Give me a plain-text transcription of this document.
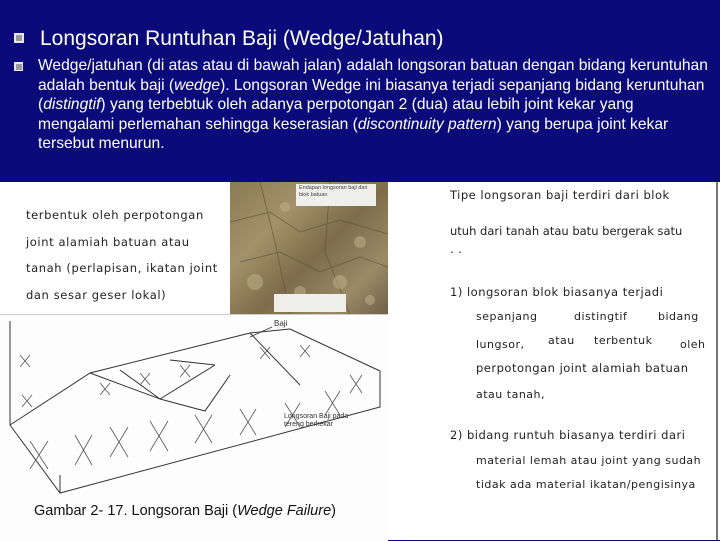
Longsoran Runtuhan Baji (Wedge/Jatuhan)
Wedge/jatuhan (di atas atau di bawah jalan) adalah longsoran batuan dengan bidang keruntuhan adalah bentuk baji (wedge). Longsoran Wedge ini biasanya terjadi sepanjang bidang keruntuhan (distingtif) yang terbebtuk oleh adanya perpotongan 2 (dua) atau lebih joint kekar yang mengalami perlemahan sehingga keserasian (discontinuity pattern) yang berupa joint kekar tersebut menurun.
terbentuk oleh perpotongan
joint alamiah batuan atau
tanah (perlapisan, ikatan joint
dan sesar geser lokal)
Endapan longsoran baji dari blok batuan
Baji
Longsoran Baji pada
tereng berkekar
Gambar 2- 17. Longsoran Baji (Wedge Failure)
Tipe longsoran baji terdiri dari blok
utuh dari tanah atau batu bergerak satu
. .
1) longsoran blok biasanya terjadi
sepanjang	distingtif	bidang
lungsor, atau terbentuk	oleh
perpotongan joint alamiah batuan
atau tanah,
2) bidang runtuh biasanya terdiri dari
material lemah atau joint yang sudah
tidak ada material ikatan/pengisinya
